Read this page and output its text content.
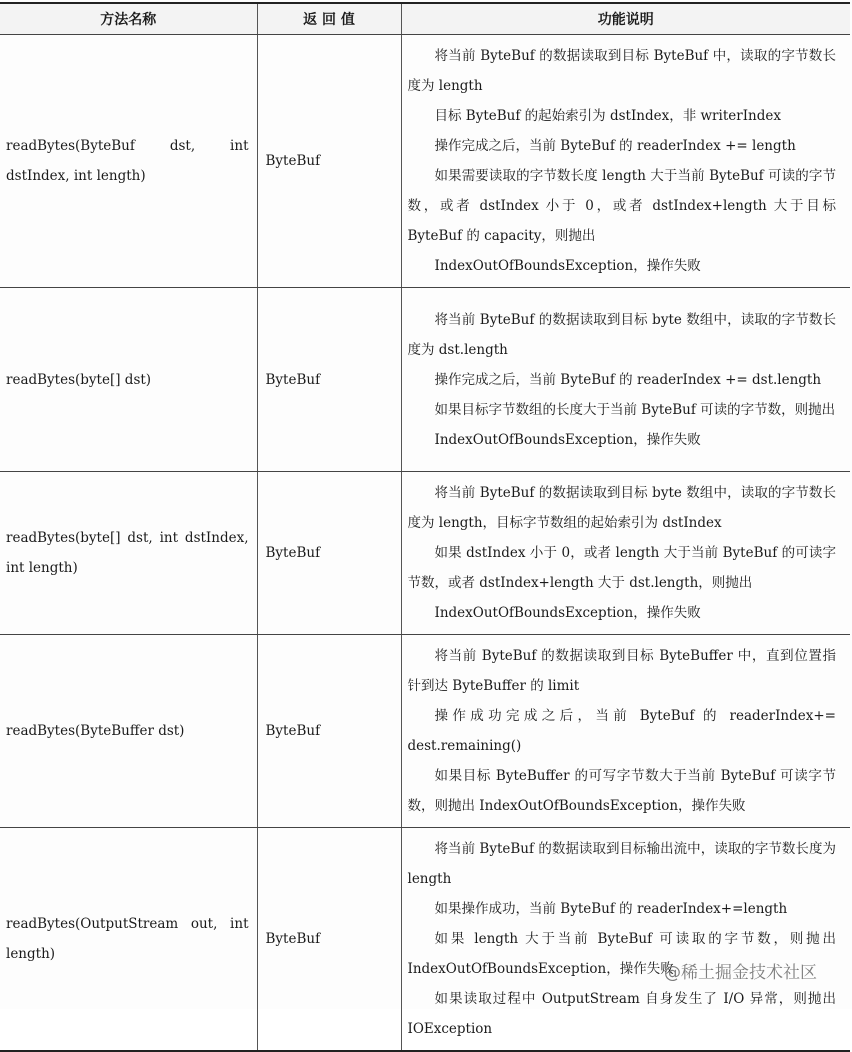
方法名称	返 回 值	功能说明

readBytes(ByteBuf dst, int dstIndex, int length)	ByteBuf	将当前 ByteBuf 的数据读取到目标 ByteBuf 中，读取的字节数长度为 length

目标 ByteBuf 的起始索引为 dstIndex，非 writerIndex

操作完成之后，当前 ByteBuf 的 readerIndex += length

如果需要读取的字节数长度 length 大于当前 ByteBuf 可读的字节数，或者 dstIndex 小于 0，或者 dstIndex+length 大于目标 ByteBuf 的 capacity，则抛出

IndexOutOfBoundsException，操作失败

readBytes(byte[] dst)	ByteBuf	将当前 ByteBuf 的数据读取到目标 byte 数组中，读取的字节数长度为 dst.length

操作完成之后，当前 ByteBuf 的 readerIndex += dst.length

如果目标字节数组的长度大于当前 ByteBuf 可读的字节数，则抛出

IndexOutOfBoundsException，操作失败

readBytes(byte[] dst, int dstIndex, int length)	ByteBuf	将当前 ByteBuf 的数据读取到目标 byte 数组中，读取的字节数长度为 length，目标字节数组的起始索引为 dstIndex

如果 dstIndex 小于 0，或者 length 大于当前 ByteBuf 的可读字节数，或者 dstIndex+length 大于 dst.length，则抛出

IndexOutOfBoundsException，操作失败

readBytes(ByteBuffer dst)	ByteBuf	将当前 ByteBuf 的数据读取到目标 ByteBuffer 中，直到位置指针到达 ByteBuffer 的 limit

操作成功完成之后，当前 ByteBuf 的 readerIndex+= dest.remaining()

如果目标 ByteBuffer 的可写字节数大于当前 ByteBuf 可读字节数，则抛出 IndexOutOfBoundsException，操作失败

readBytes(OutputStream out, int length)	ByteBuf	将当前 ByteBuf 的数据读取到目标输出流中，读取的字节数长度为 length

如果操作成功，当前 ByteBuf 的 readerIndex+=length

如果 length 大于当前 ByteBuf 可读取的字节数，则抛出 IndexOutOfBoundsException，操作失败

如果读取过程中 OutputStream 自身发生了 I/O 异常，则抛出 IOException

@稀土掘金技术社区
